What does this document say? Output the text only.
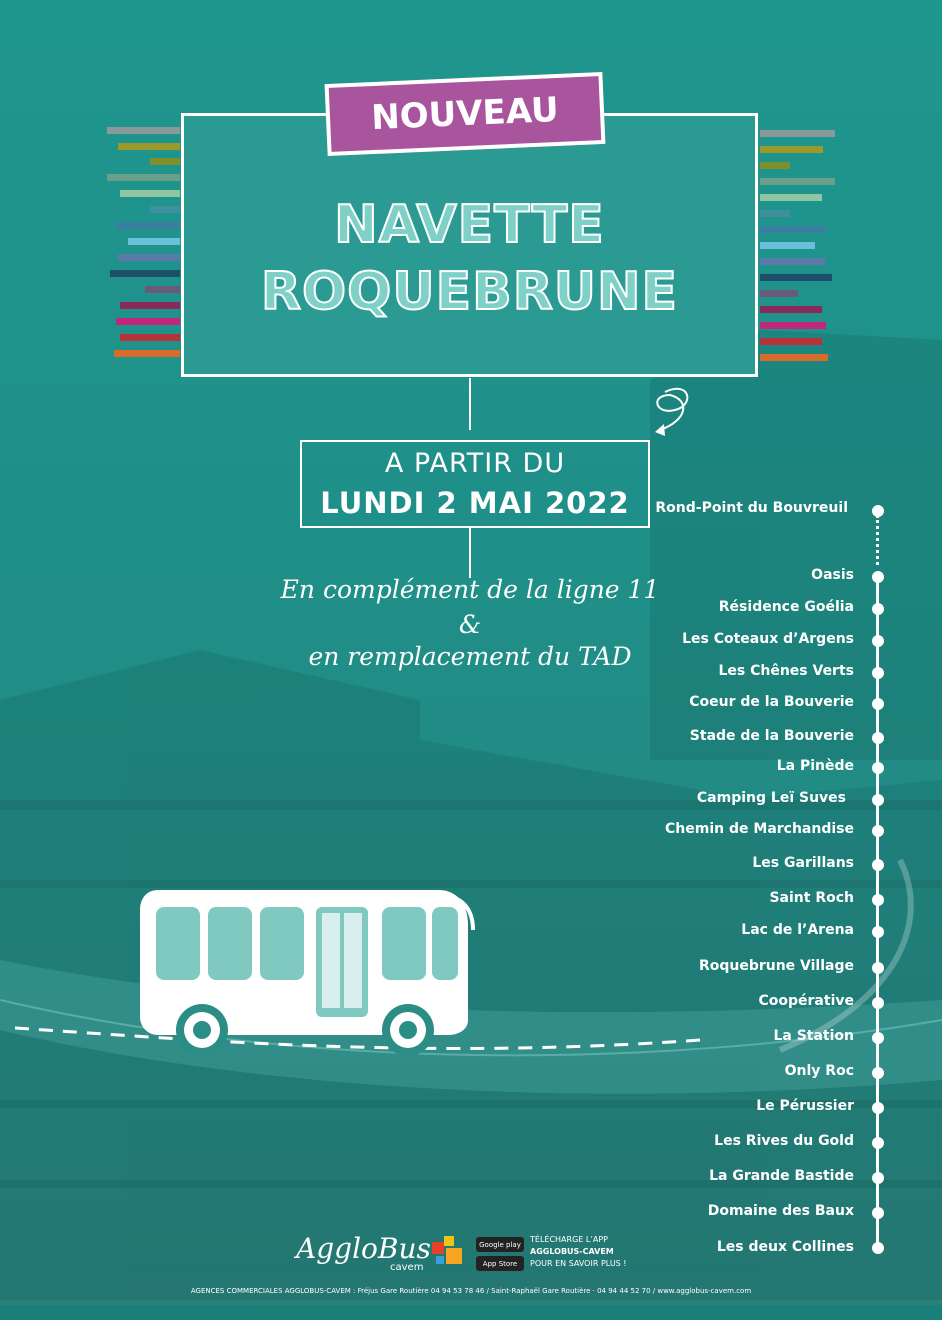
NAVETTE
ROQUEBRUNE
NOUVEAU
A PARTIR DU
LUNDI 2 MAI 2022
En complément de la ligne 11
&
en remplacement du TAD
Rond-Point du Bouvreuil
Oasis
Résidence Goélia
Les Coteaux d’Argens
Les Chênes Verts
Coeur de la Bouverie
Stade de la Bouverie
La Pinède
Camping Leï Suves
Chemin de Marchandise
Les Garillans
Saint Roch
Lac de l’Arena
Roquebrune Village
Coopérative
La Station
Only Roc
Le Pérussier
Les Rives du Gold
La Grande Bastide
Domaine des Baux
Les deux Collines
AggloBus
cavem
Google play
App Store
TÉLÉCHARGE L’APP
AGGLOBUS-CAVEM
POUR EN SAVOIR PLUS !
AGENCES COMMERCIALES AGGLOBUS-CAVEM : Fréjus Gare Routière 04 94 53 78 46 / Saint-Raphaël Gare Routière · 04 94 44 52 70 / www.agglobus-cavem.com
